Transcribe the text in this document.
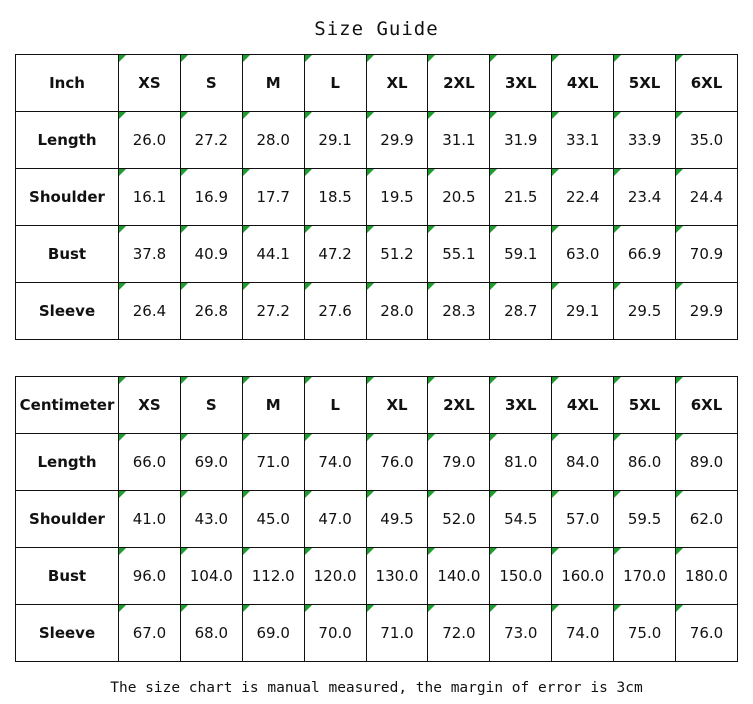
Size Guide
Inch	XS	S	M	L	XL	2XL	3XL	4XL	5XL	6XL

Length	26.0	27.2	28.0	29.1	29.9	31.1	31.9	33.1	33.9	35.0

Shoulder	16.1	16.9	17.7	18.5	19.5	20.5	21.5	22.4	23.4	24.4

Bust	37.8	40.9	44.1	47.2	51.2	55.1	59.1	63.0	66.9	70.9

Sleeve	26.4	26.8	27.2	27.6	28.0	28.3	28.7	29.1	29.5	29.9
Centimeter	XS	S	M	L	XL	2XL	3XL	4XL	5XL	6XL

Length	66.0	69.0	71.0	74.0	76.0	79.0	81.0	84.0	86.0	89.0

Shoulder	41.0	43.0	45.0	47.0	49.5	52.0	54.5	57.0	59.5	62.0

Bust	96.0	104.0	112.0	120.0	130.0	140.0	150.0	160.0	170.0	180.0

Sleeve	67.0	68.0	69.0	70.0	71.0	72.0	73.0	74.0	75.0	76.0
The size chart is manual measured, the margin of error is 3cm
